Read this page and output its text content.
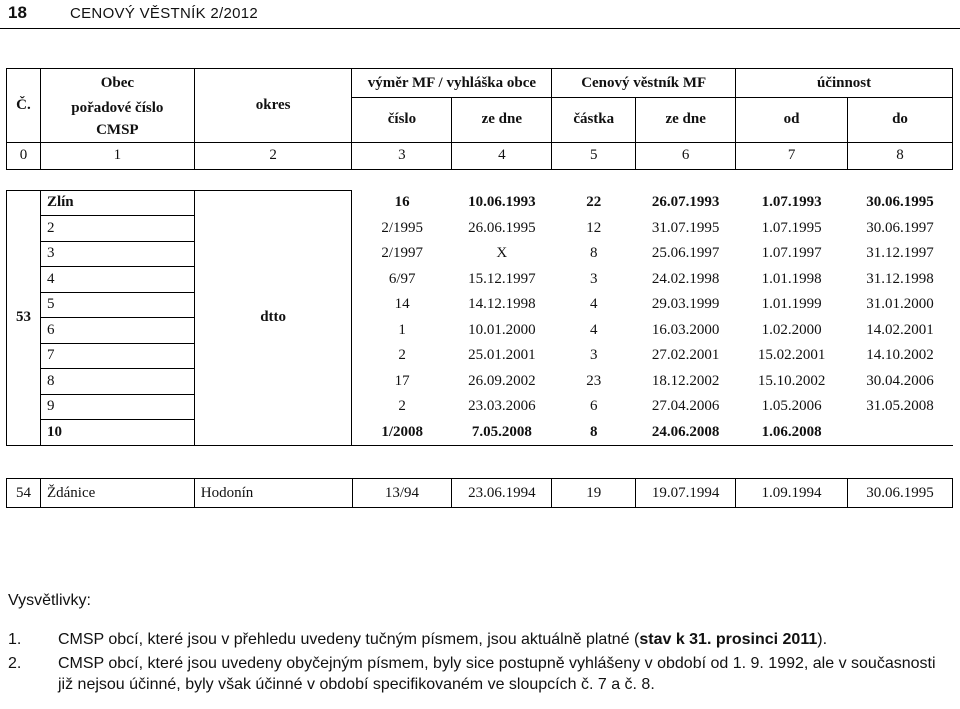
18	CENOVÝ VĚSTNÍK 2/2012
Č.	Obec	okres	výměr MF / vyhláška obce		Cenový věstník MF		účinnost	
	pořadové číslo		číslo	ze dne	částka	ze dne	od	do
	CMSP							
0	1	2	3	4	5	6	7	8

53	Zlín	dtto	16	10.06.1993	22	26.07.1993	1.07.1993	30.06.1995
	2		2/1995	26.06.1995	12	31.07.1995	1.07.1995	30.06.1997
	3		2/1997	X	8	25.06.1997	1.07.1997	31.12.1997
	4		6/97	15.12.1997	3	24.02.1998	1.01.1998	31.12.1998
	5		14	14.12.1998	4	29.03.1999	1.01.1999	31.01.2000
	6		1	10.01.2000	4	16.03.2000	1.02.2000	14.02.2001
	7		2	25.01.2001	3	27.02.2001	15.02.2001	14.10.2002
	8		17	26.09.2002	23	18.12.2002	15.10.2002	30.04.2006
	9		2	23.03.2006	6	27.04.2006	1.05.2006	31.05.2008
	10		1/2008	7.05.2008	8	24.06.2008	1.06.2008	
54	Ždánice	Hodonín	13/94	23.06.1994	19	19.07.1994	1.09.1994	30.06.1995
Vysvětlivky:
1. CMSP obcí, které jsou v přehledu uvedeny tučným písmem, jsou aktuálně platné (stav k 31. prosinci 2011).
2. CMSP obcí, které jsou uvedeny obyčejným písmem, byly sice postupně vyhlášeny v období od 1. 9. 1992, ale v současnosti již nejsou účinné, byly však účinné v období specifikovaném ve sloupcích č. 7 a č. 8.
